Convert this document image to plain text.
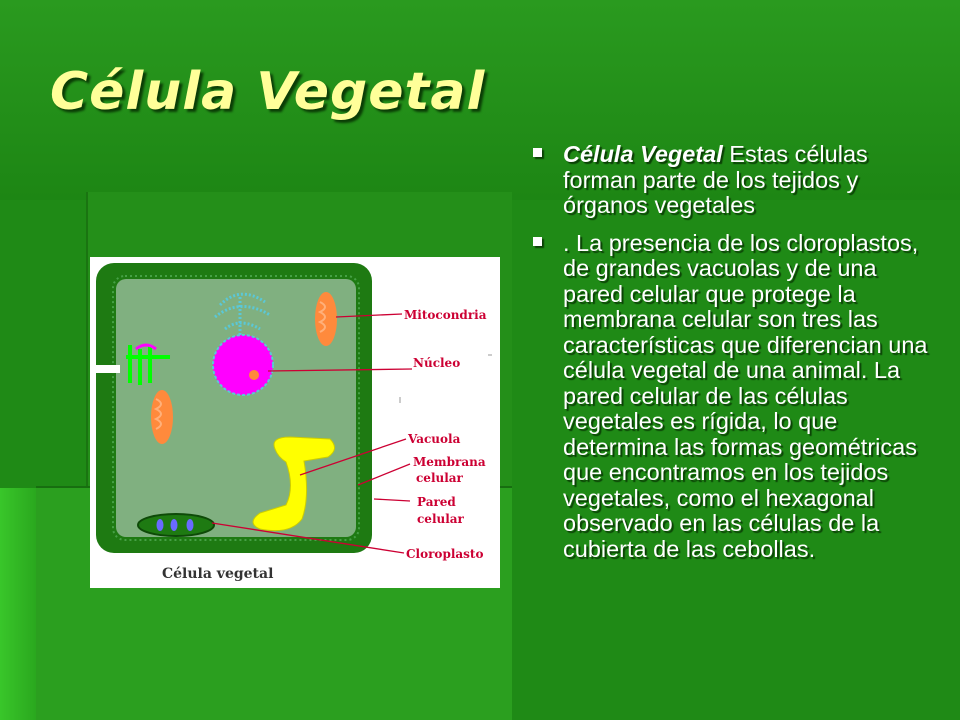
Célula Vegetal
Mitocondria
Núcleo
Vacuola
Membrana
celular
Pared
celular
Cloroplasto
Célula vegetal
Célula Vegetal Estas células forman parte de los tejidos y órganos vegetales
. La presencia de los cloroplastos, de grandes vacuolas y de una pared celular que protege la membrana celular son tres las características que diferencian una célula vegetal de una animal. La pared celular de las células vegetales es rígida, lo que determina las formas geométricas que encontramos en los tejidos vegetales, como el hexagonal observado en las células de la cubierta de las cebollas.
